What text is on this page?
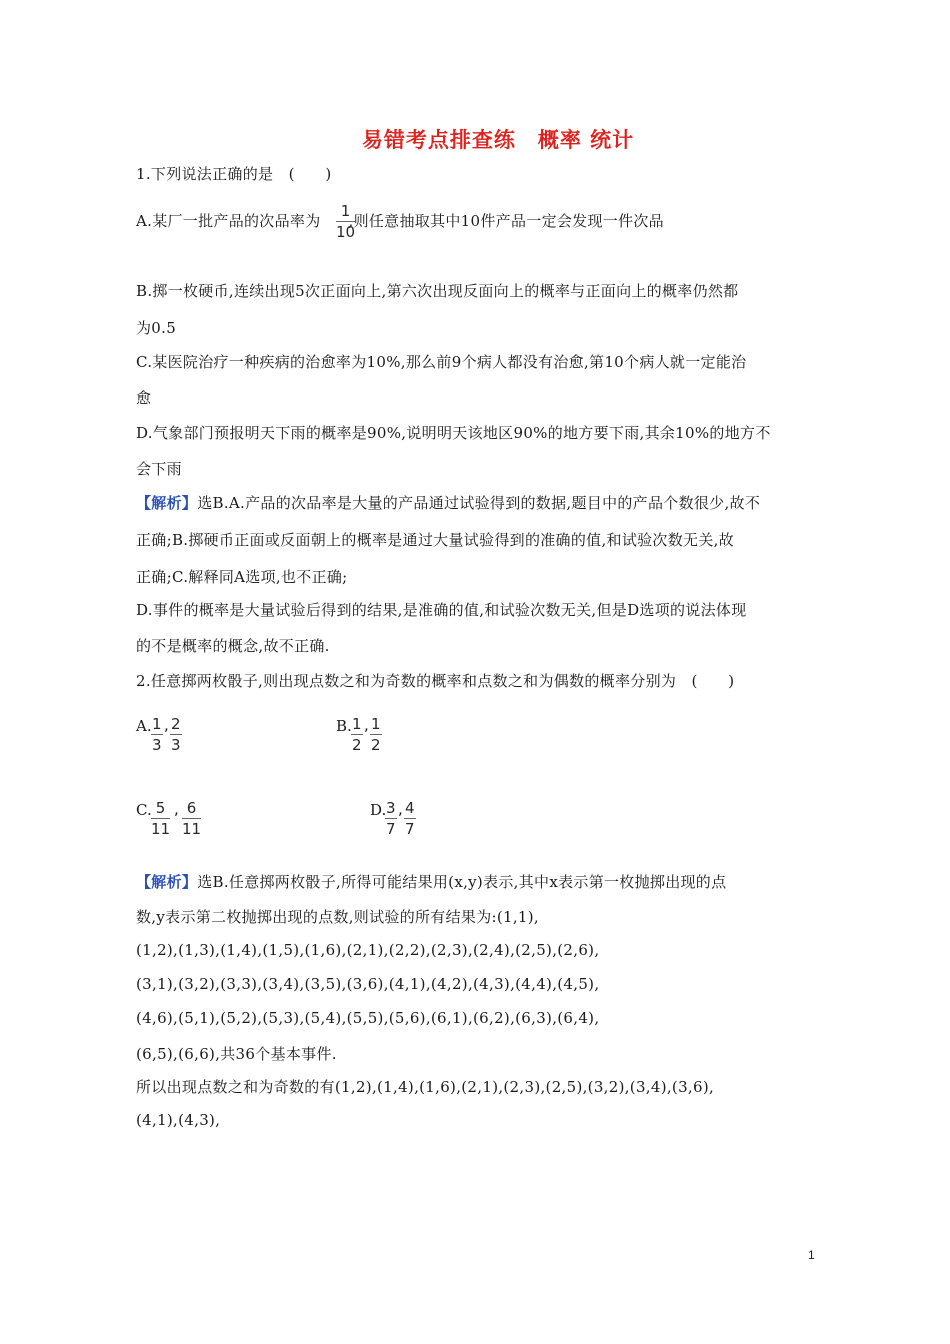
易错考点排查练　概率 统计
1.下列说法正确的是　(　　)
A.某厂一批产品的次品率为 ,则任意抽取其中10件产品一定会发现一件次品
$\frac{1}{10}$
B.掷一枚硬币,连续出现5次正面向上,第六次出现反面向上的概率与正面向上的概率仍然都
为0.5
C.某医院治疗一种疾病的治愈率为10%,那么前9个病人都没有治愈,第10个病人就一定能治
愈
D.气象部门预报明天下雨的概率是90%,说明明天该地区90%的地方要下雨,其余10%的地方不
会下雨
【解析】选B.A.产品的次品率是大量的产品通过试验得到的数据,题目中的产品个数很少,故不
正确;B.掷硬币正面或反面朝上的概率是通过大量试验得到的准确的值,和试验次数无关,故
正确;C.解释同A选项,也不正确;
D.事件的概率是大量试验后得到的结果,是准确的值,和试验次数无关,但是D选项的说法体现
的不是概率的概念,故不正确.
2.任意掷两枚骰子,则出现点数之和为奇数的概率和点数之和为偶数的概率分别为　(　　)
A. $\frac{1}{3}$ , $\frac{2}{3}$	B. $\frac{1}{2}$ , $\frac{1}{2}$
C. $\frac{5}{11}$ , $\frac{6}{11}$	D.
$\frac{3}{7}$ , $\frac{4}{7}$
【解析】选B.任意掷两枚骰子,所得可能结果用(x,y)表示,其中x表示第一枚抛掷出现的点
数,y表示第二枚抛掷出现的点数,则试验的所有结果为:(1,1),
(1,2),(1,3),(1,4),(1,5),(1,6),(2,1),(2,2),(2,3),(2,4),(2,5),(2,6),
(3,1),(3,2),(3,3),(3,4),(3,5),(3,6),(4,1),(4,2),(4,3),(4,4),(4,5),
(4,6),(5,1),(5,2),(5,3),(5,4),(5,5),(5,6),(6,1),(6,2),(6,3),(6,4),
(6,5),(6,6),共36个基本事件.
所以出现点数之和为奇数的有(1,2),(1,4),(1,6),(2,1),(2,3),(2,5),(3,2),(3,4),(3,6),
(4,1),(4,3),
1
